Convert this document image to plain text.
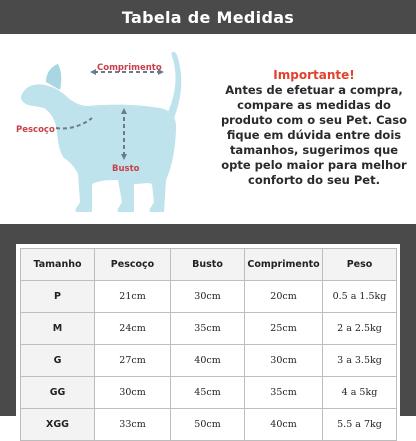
Tabela de Medidas
Comprimento
Pescoço
Busto
Importante!
Antes de efetuar a compra, compare as medidas do produto com o seu Pet. Caso fique em dúvida entre dois tamanhos, sugerimos que opte pelo maior para melhor conforto do seu Pet.
Tamanho	Pescoço	Busto	Comprimento	Peso
P	21cm	30cm	20cm	0.5 a 1.5kg
M	24cm	35cm	25cm	2 a 2.5kg
G	27cm	40cm	30cm	3 a 3.5kg
GG	30cm	45cm	35cm	4 a 5kg
XGG	33cm	50cm	40cm	5.5 a 7kg
